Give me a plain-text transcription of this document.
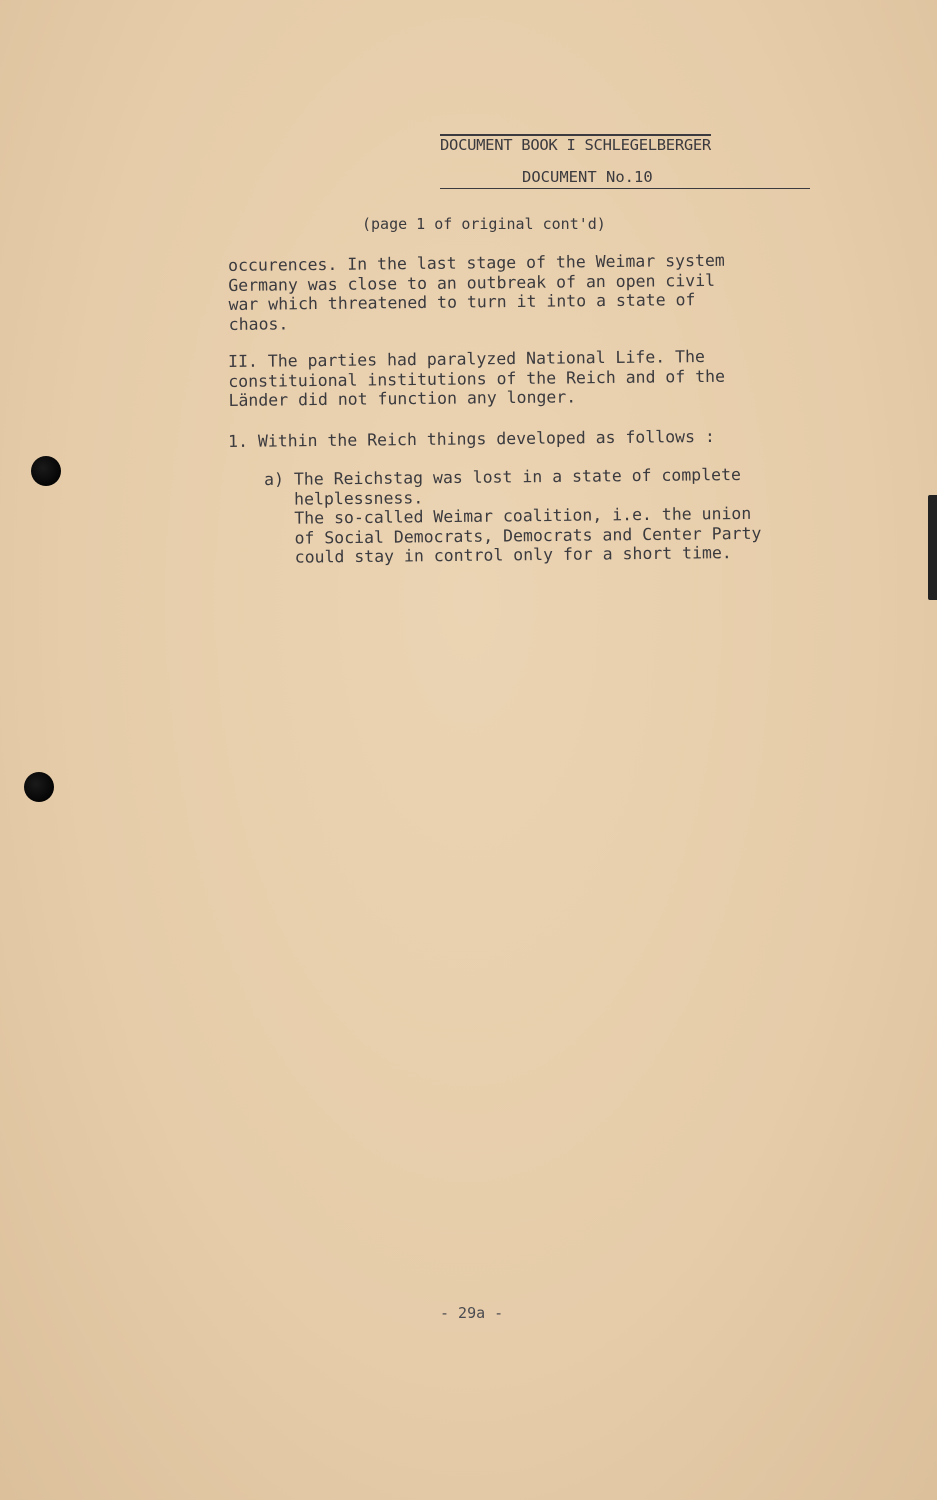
DOCUMENT BOOK I SCHLEGELBERGER
DOCUMENT No.10
(page 1 of original cont'd)
occurences. In the last stage of the Weimar system
Germany was close to an outbreak of an open civil
war which threatened to turn it into a state of
chaos.
II. The parties had paralyzed National Life. The
constituional institutions of the Reich and of the
Länder did not function any longer.
1. Within the Reich things developed as follows :
a) The Reichstag was lost in a state of complete
helplessness.
The so-called Weimar coalition, i.e. the union
of Social Democrats, Democrats and Center Party
could stay in control only for a short time.
- 29a -
